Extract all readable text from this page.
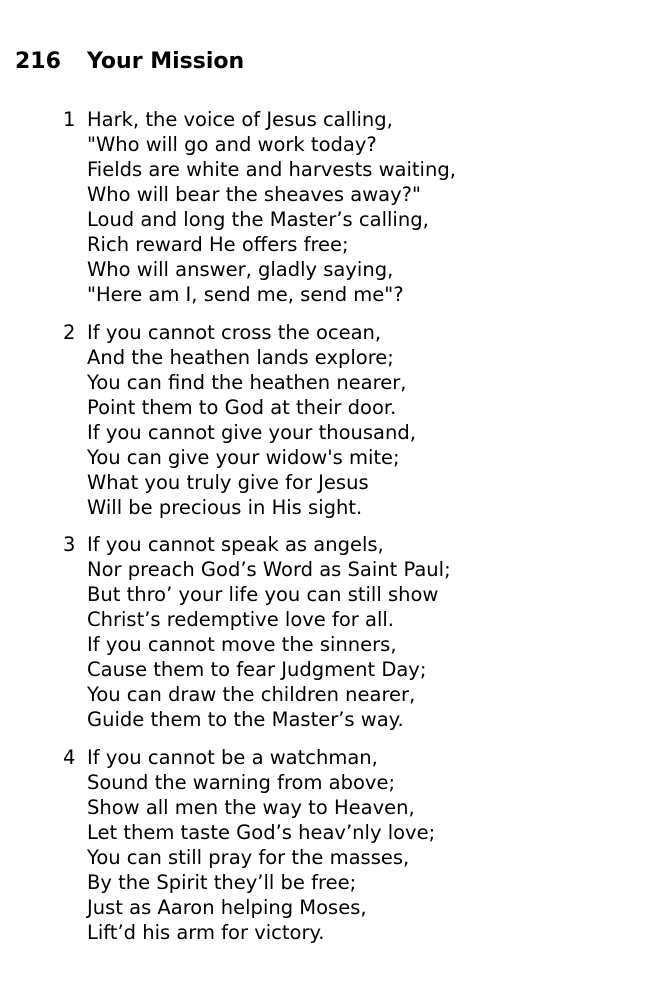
216	Your Mission
1 Hark, the voice of Jesus calling,
"Who will go and work today?
Fields are white and harvests waiting,
Who will bear the sheaves away?"
Loud and long the Master’s calling,
Rich reward He offers free;
Who will answer, gladly saying,
"Here am I, send me, send me"?
2 If you cannot cross the ocean,
And the heathen lands explore;
You can find the heathen nearer,
Point them to God at their door.
If you cannot give your thousand,
You can give your widow's mite;
What you truly give for Jesus
Will be precious in His sight.
3 If you cannot speak as angels,
Nor preach God’s Word as Saint Paul;
But thro’ your life you can still show
Christ’s redemptive love for all.
If you cannot move the sinners,
Cause them to fear Judgment Day;
You can draw the children nearer,
Guide them to the Master’s way.
4 If you cannot be a watchman,
Sound the warning from above;
Show all men the way to Heaven,
Let them taste God’s heav’nly love;
You can still pray for the masses,
By the Spirit they’ll be free;
Just as Aaron helping Moses,
Lift’d his arm for victory.
